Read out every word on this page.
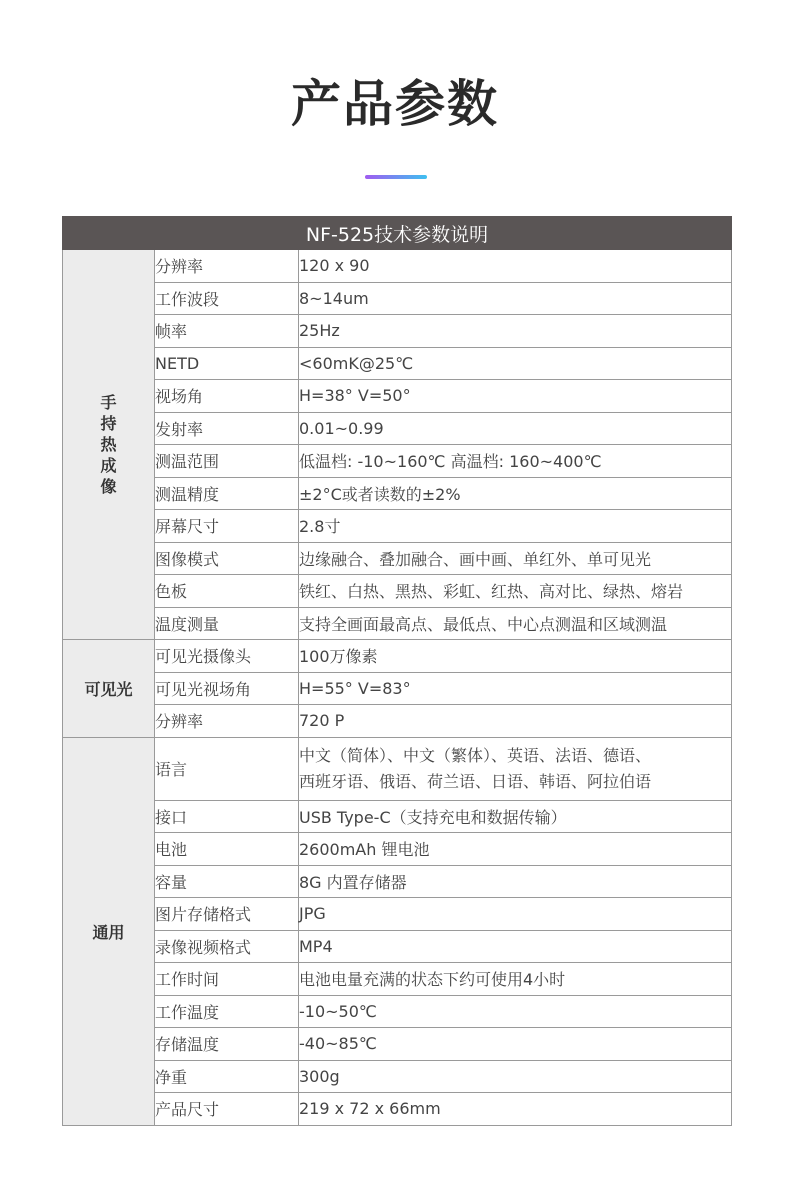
产品参数
NF-525技术参数说明		

手
持
热
成
像	分辨率	120 x 90
	工作波段	8~14um
	帧率	25Hz
	NETD	<60mK@25℃
	视场角	H=38° V=50°
	发射率	0.01~0.99
	测温范围	低温档: -10~160℃ 高温档: 160~400℃
	测温精度	±2°C或者读数的±2%
	屏幕尺寸	2.8寸
	图像模式	边缘融合、叠加融合、画中画、单红外、单可见光
	色板	铁红、白热、黑热、彩虹、红热、高对比、绿热、熔岩
	温度测量	支持全画面最高点、最低点、中心点测温和区域测温
可见光	可见光摄像头	100万像素
	可见光视场角	H=55° V=83°
	分辨率	720 P
通用	语言	中文（简体）、中文（繁体）、英语、法语、德语、
西班牙语、俄语、荷兰语、日语、韩语、阿拉伯语

	接口	USB Type-C（支持充电和数据传输）
	电池	2600mAh 锂电池
	容量	8G 内置存储器
	图片存储格式	JPG
	录像视频格式	MP4
	工作时间	电池电量充满的状态下约可使用4小时
	工作温度	-10~50℃
	存储温度	-40~85℃
	净重	300g
	产品尺寸	219 x 72 x 66mm
